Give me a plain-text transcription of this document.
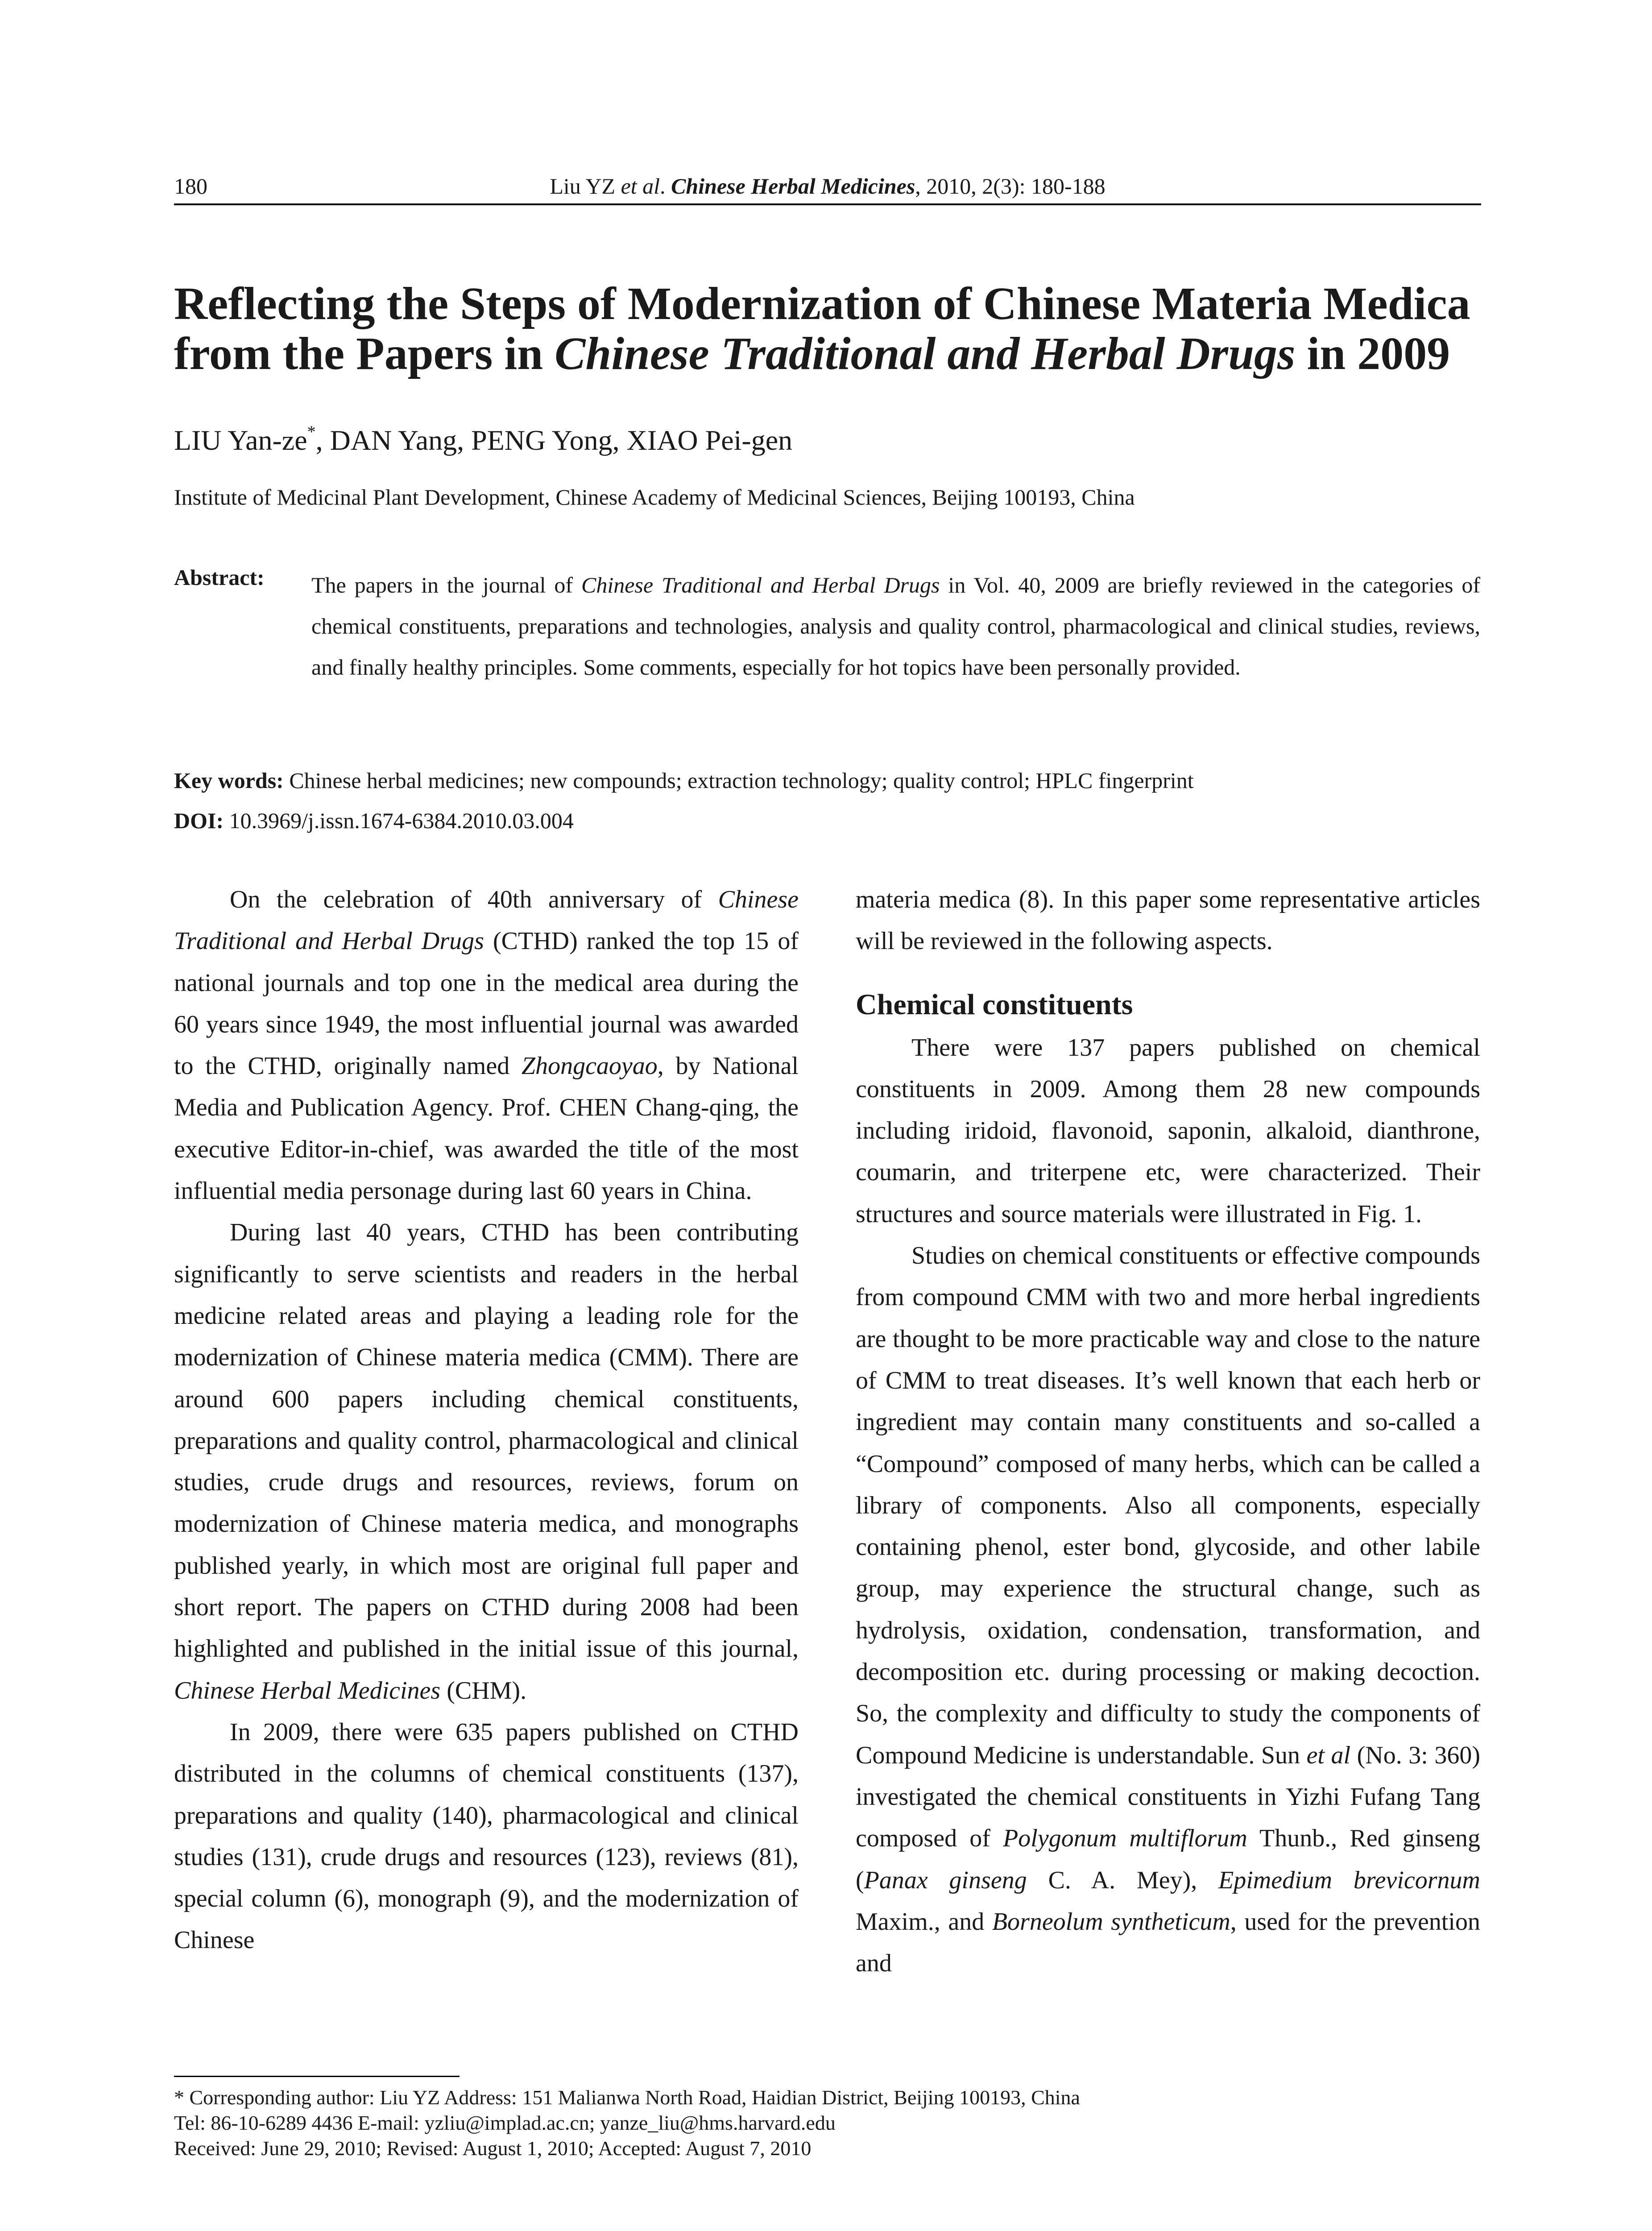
180	Liu YZ et al. Chinese Herbal Medicines, 2010, 2(3): 180-188
Reflecting the Steps of Modernization of Chinese Materia Medica
from the Papers in Chinese Traditional and Herbal Drugs in 2009
LIU Yan-ze*, DAN Yang, PENG Yong, XIAO Pei-gen
Institute of Medicinal Plant Development, Chinese Academy of Medicinal Sciences, Beijing 100193, China
Abstract: The papers in the journal of Chinese Traditional and Herbal Drugs in Vol. 40, 2009 are briefly reviewed in the categories of chemical constituents, preparations and technologies, analysis and quality control, pharmacological and clinical studies, reviews, and finally healthy principles. Some comments, especially for hot topics have been personally provided.
Key words: Chinese herbal medicines; new compounds; extraction technology; quality control; HPLC fingerprint
DOI: 10.3969/j.issn.1674-6384.2010.03.004

On the celebration of 40th anniversary of Chinese Traditional and Herbal Drugs (CTHD) ranked the top 15 of national journals and top one in the medical area during the 60 years since 1949, the most influential journal was awarded to the CTHD, originally named Zhongcaoyao, by National Media and Publication Agency. Prof. CHEN Chang-qing, the executive Editor-in-chief, was awarded the title of the most influential media personage during last 60 years in China.

During last 40 years, CTHD has been contributing significantly to serve scientists and readers in the herbal medicine related areas and playing a leading role for the modernization of Chinese materia medica (CMM). There are around 600 papers including chemical constituents, preparations and quality control, pharmacological and clinical studies, crude drugs and resources, reviews, forum on modernization of Chinese materia medica, and monographs published yearly, in which most are original full paper and short report. The papers on CTHD during 2008 had been highlighted and published in the initial issue of this journal, Chinese Herbal Medicines (CHM).

In 2009, there were 635 papers published on CTHD distributed in the columns of chemical constituents (137), preparations and quality (140), pharmacological and clinical studies (131), crude drugs and resources (123), reviews (81), special column (6), monograph (9), and the modernization of Chinese

materia medica (8). In this paper some representative articles will be reviewed in the following aspects.

Chemical constituents

There were 137 papers published on chemical constituents in 2009. Among them 28 new compounds including iridoid, flavonoid, saponin, alkaloid, dianthrone, coumarin, and triterpene etc, were characterized. Their structures and source materials were illustrated in Fig. 1.

Studies on chemical constituents or effective compounds from compound CMM with two and more herbal ingredients are thought to be more practicable way and close to the nature of CMM to treat diseases. It’s well known that each herb or ingredient may contain many constituents and so-called a “Compound” composed of many herbs, which can be called a library of components. Also all components, especially containing phenol, ester bond, glycoside, and other labile group, may experience the structural change, such as hydrolysis, oxidation, condensation, transformation, and decomposition etc. during processing or making decoction. So, the complexity and difficulty to study the components of Compound Medicine is understandable. Sun et al (No. 3: 360) investigated the chemical constituents in Yizhi Fufang Tang composed of Polygonum multiflorum Thunb., Red ginseng (Panax ginseng C. A. Mey), Epimedium brevicornum Maxim., and Borneolum syntheticum, used for the prevention and

* Corresponding author: Liu YZ Address: 151 Malianwa North Road, Haidian District, Beijing 100193, China
Tel: 86-10-6289 4436 E-mail: yzliu@implad.ac.cn; yanze_liu@hms.harvard.edu
Received: June 29, 2010; Revised: August 1, 2010; Accepted: August 7, 2010
